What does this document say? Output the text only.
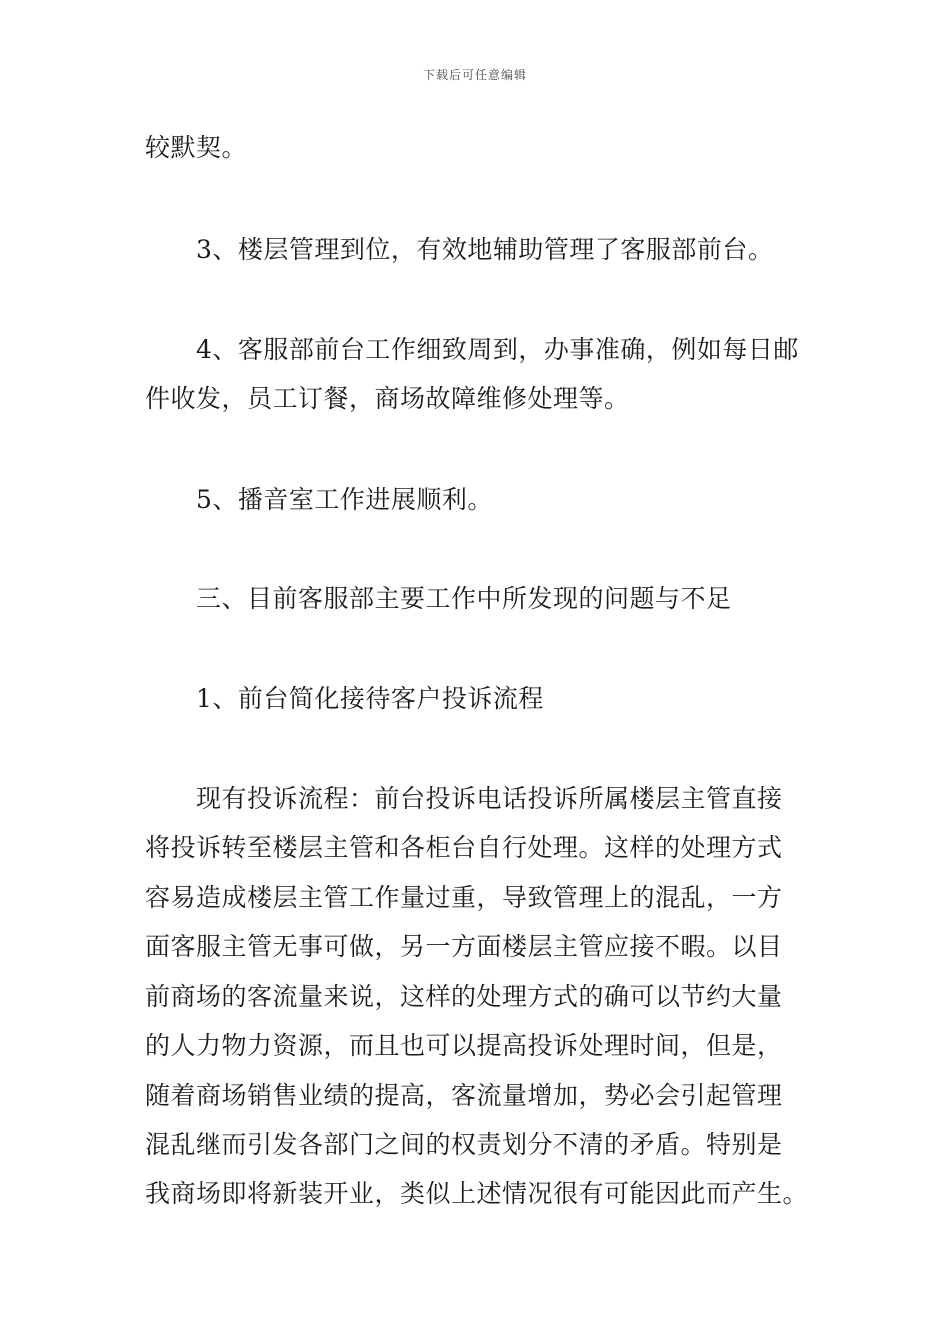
下载后可任意编辑
较默契。
3、楼层管理到位，有效地辅助管理了客服部前台。
4、客服部前台工作细致周到，办事准确，例如每日邮
件收发，员工订餐，商场故障维修处理等。
5、播音室工作进展顺利。
三、目前客服部主要工作中所发现的问题与不足
1、前台简化接待客户投诉流程
现有投诉流程：前台投诉电话投诉所属楼层主管直接
将投诉转至楼层主管和各柜台自行处理。这样的处理方式
容易造成楼层主管工作量过重，导致管理上的混乱，一方
面客服主管无事可做，另一方面楼层主管应接不暇。以目
前商场的客流量来说，这样的处理方式的确可以节约大量
的人力物力资源，而且也可以提高投诉处理时间，但是，
随着商场销售业绩的提高，客流量增加，势必会引起管理
混乱继而引发各部门之间的权责划分不清的矛盾。特别是
我商场即将新装开业，类似上述情况很有可能因此而产生。
